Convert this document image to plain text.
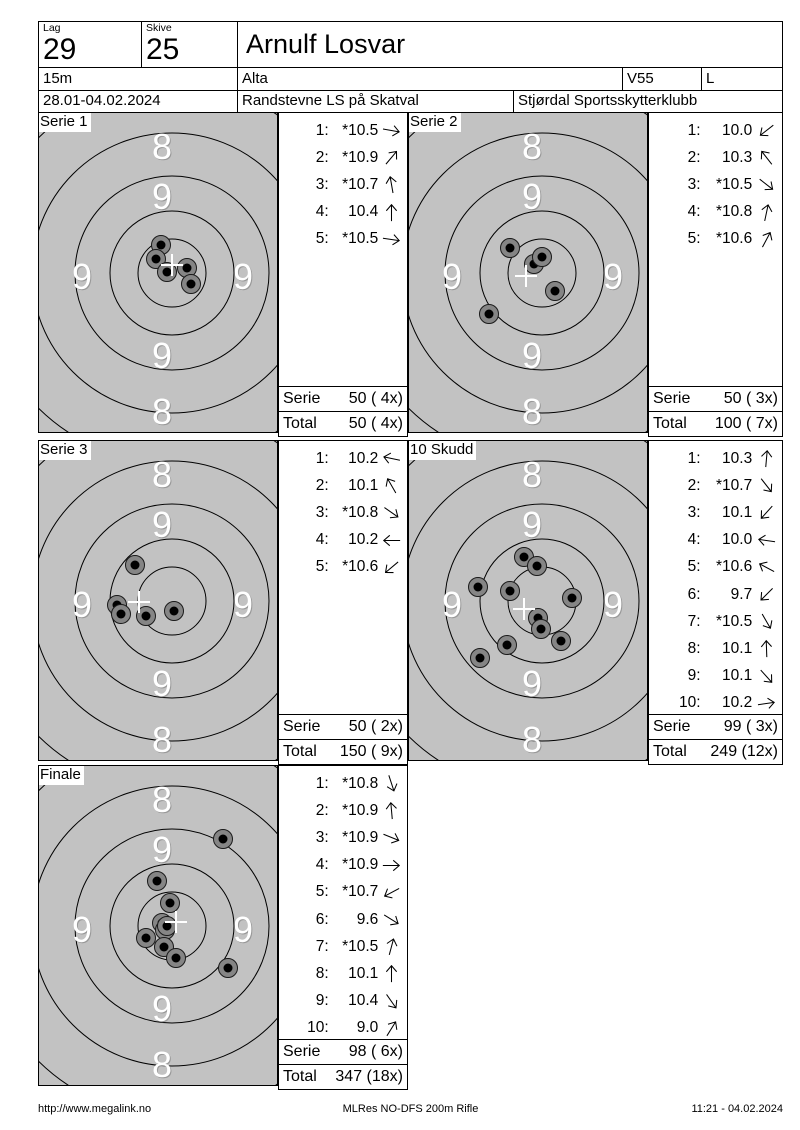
Lag
29
Skive
25	Arnulf Losvar
15m	Alta	V55	L
28.01-04.02.2024	Randstevne LS på Skatval	Stjørdal Sportsskytterklubb
8
9
9	9
9
8
Serie 1
1: *10.5
2: *10.9
3: *10.7
4:	10.4
5: *10.5
Serie 50 ( 4x)
Total 50 ( 4x)
8
9
9	9
9
8
Serie 2
1:	10.0
2:	10.3
3: *10.5
4: *10.8
5: *10.6
Serie 50 ( 3x)
Total 100 ( 7x)
8
9
9	9
9
8
Serie 3
1:	10.2
2:	10.1
3: *10.8
4:	10.2
5: *10.6
Serie 50 ( 2x)
Total 150 ( 9x)
8
9
9	9
9
8
10 Skudd
1:	10.3
2: *10.7
3:	10.1
4:	10.0
5: *10.6
6:	9.7
7: *10.5
8:	10.1
9:	10.1
10:	10.2
Serie 99 ( 3x)
Total 249 (12x)
8
9
9	9
9
8
Finale
1: *10.8
2: *10.9
3: *10.9
4: *10.9
5: *10.7
6:	9.6
7: *10.5
8:	10.1
9:	10.4
10:	9.0
Serie 98 ( 6x)
Total 347 (18x)
http://www.megalink.no	MLRes NO-DFS 200m Rifle	11:21 - 04.02.2024
